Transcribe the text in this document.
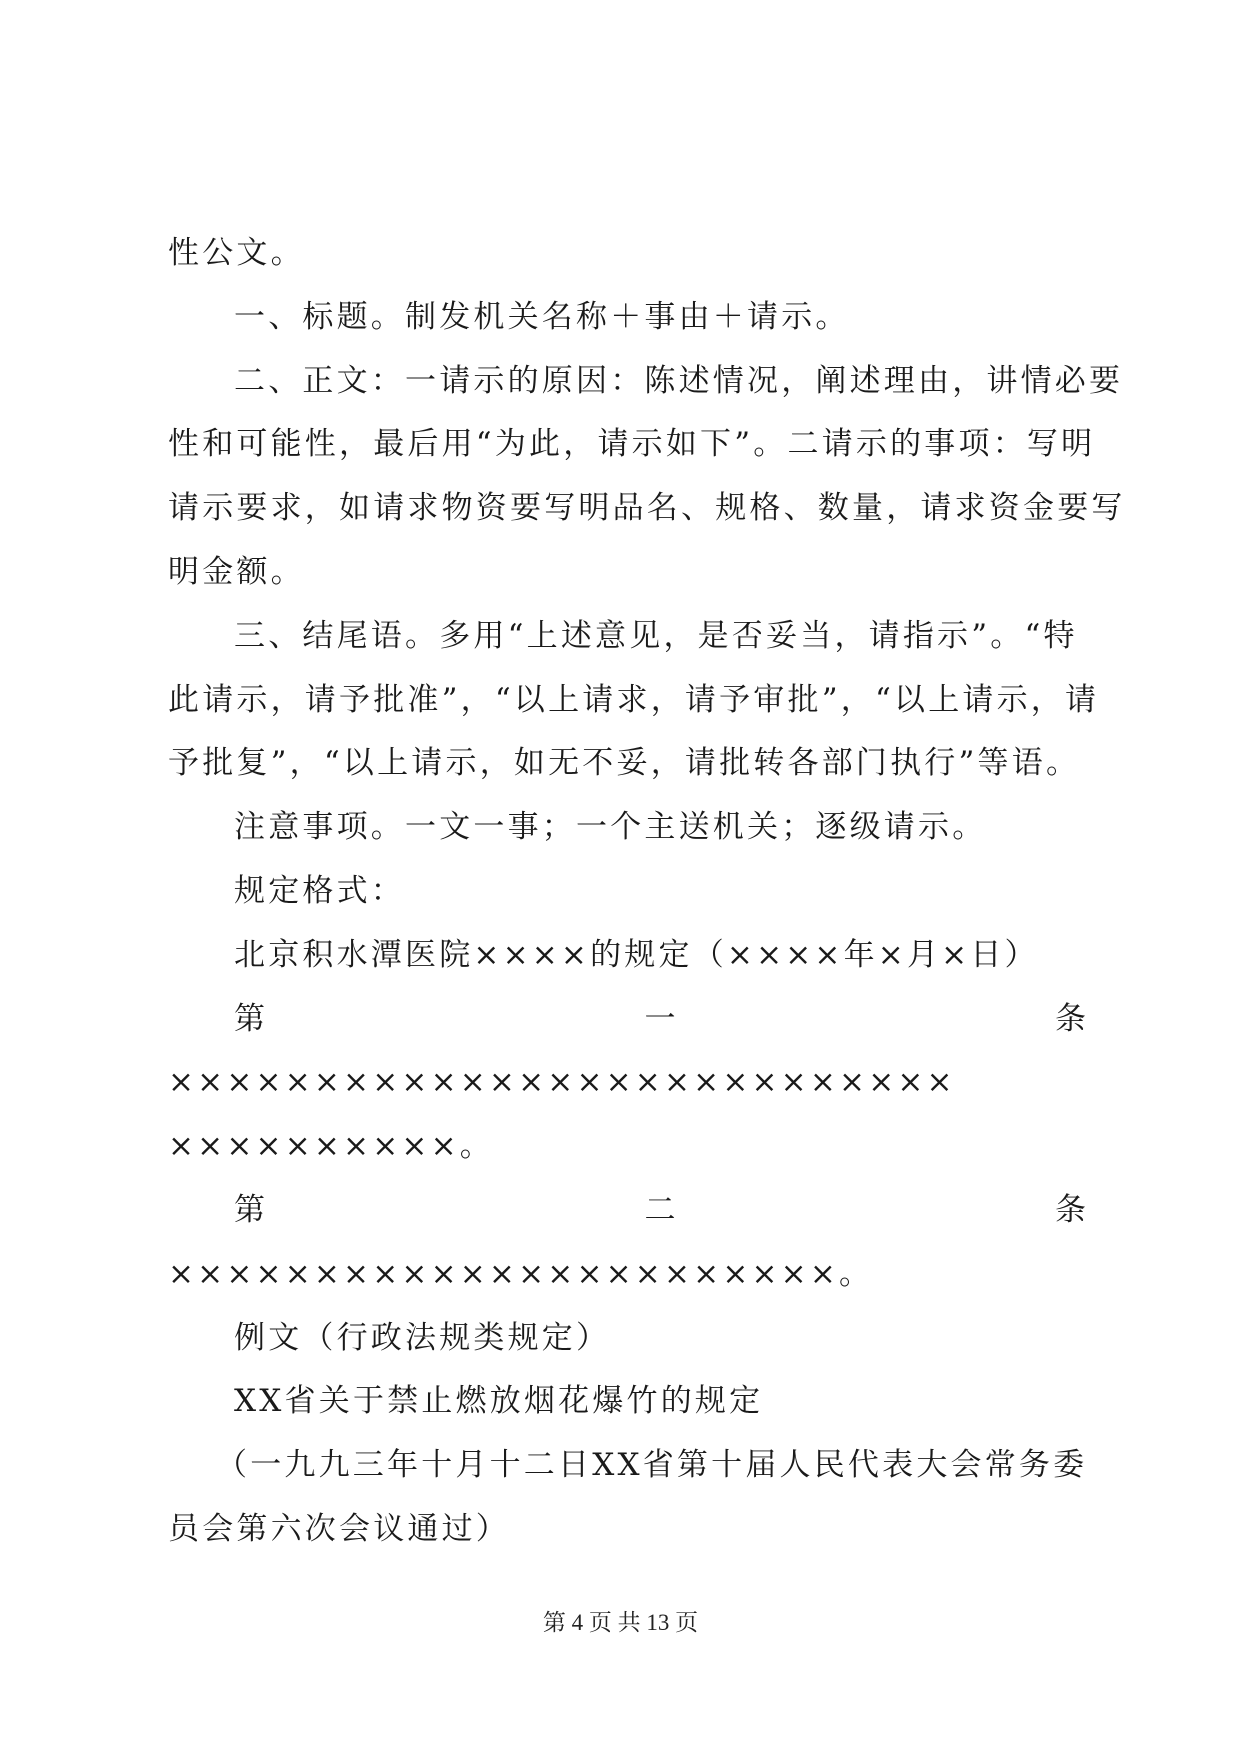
性公文。
一、标题。制发机关名称＋事由＋请示。
二、正文：一请示的原因：陈述情况，阐述理由，讲情必要
性和可能性，最后用“为此，请示如下”。二请示的事项：写明
请示要求，如请求物资要写明品名、规格、数量，请求资金要写
明金额。
三、结尾语。多用“上述意见，是否妥当，请指示”。“特
此请示，请予批准”，“以上请求，请予审批”，“以上请示，请
予批复”，“以上请示，如无不妥，请批转各部门执行”等语。
注意事项。一文一事；一个主送机关；逐级请示。
规定格式：
北京积水潭医院××××的规定（××××年×月×日）
第	一	条
×××××××××××××××××××××××××××
××××××××××。
第	二	条
×××××××××××××××××××××××。
例文（行政法规类规定）
XX省关于禁止燃放烟花爆竹的规定
（一九九三年十月十二日XX省第十届人民代表大会常务委
员会第六次会议通过）
第 4 页 共 13 页
